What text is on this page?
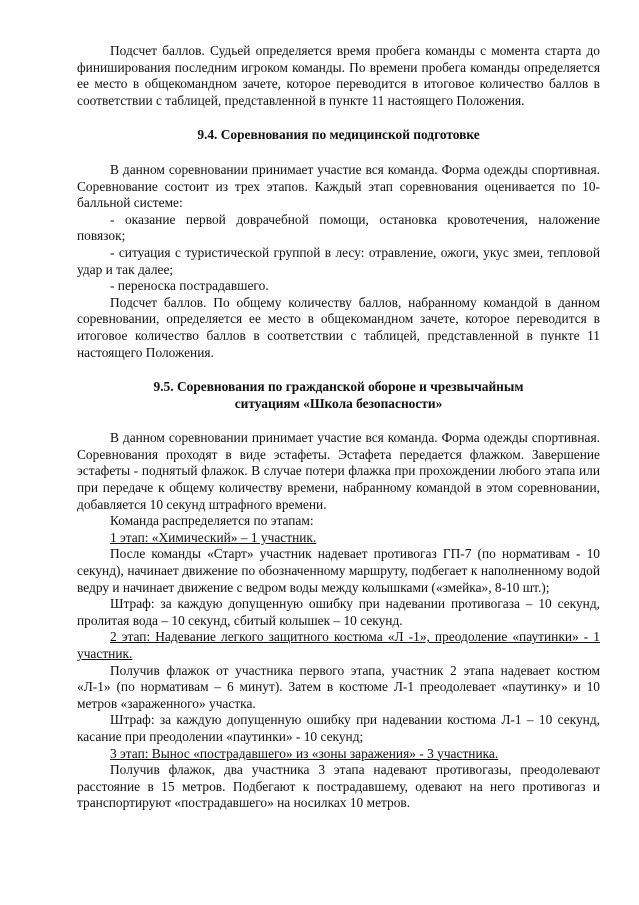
Подсчет баллов. Судьей определяется время пробега команды с момента старта до финиширования последним игроком команды. По времени пробега команды определяется ее место в общекомандном зачете, которое переводится в итоговое количество баллов в соответствии с таблицей, представленной в пункте 11 настоящего Положения.

9.4. Соревнования по медицинской подготовке

В данном соревновании принимает участие вся команда. Форма одежды спортивная. Соревнование состоит из трех этапов. Каждый этап соревнования оценивается по 10-балльной системе:

- оказание первой доврачебной помощи, остановка кровотечения, наложение повязок;

- ситуация с туристической группой в лесу: отравление, ожоги, укус змеи, тепловой удар и так далее;

- переноска пострадавшего.

Подсчет баллов. По общему количеству баллов, набранному командой в данном соревновании, определяется ее место в общекомандном зачете, которое переводится в итоговое количество баллов в соответствии с таблицей, представленной в пункте 11 настоящего Положения.

9.5. Соревнования по гражданской обороне и чрезвычайным
ситуациям «Школа безопасности»

В данном соревновании принимает участие вся команда. Форма одежды спортивная. Соревнования проходят в виде эстафеты. Эстафета передается флажком. Завершение эстафеты - поднятый флажок. В случае потери флажка при прохождении любого этапа или при передаче к общему количеству времени, набранному командой в этом соревновании, добавляется 10 секунд штрафного времени.

Команда распределяется по этапам:

1 этап: «Химический» – 1 участник.

После команды «Старт» участник надевает противогаз ГП-7 (по нормативам - 10 секунд), начинает движение по обозначенному маршруту, подбегает к наполненному водой ведру и начинает движение с ведром воды между колышками («змейка», 8-10 шт.);

Штраф: за каждую допущенную ошибку при надевании противогаза – 10 секунд, пролитая вода – 10 секунд, сбитый колышек – 10 секунд.

2 этап: Надевание легкого защитного костюма «Л -1», преодоление «паутинки» - 1 участник.

Получив флажок от участника первого этапа, участник 2 этапа надевает костюм «Л-1» (по нормативам – 6 минут). Затем в костюме Л-1 преодолевает «паутинку» и 10 метров «зараженного» участка.

Штраф: за каждую допущенную ошибку при надевании костюма Л-1 – 10 секунд, касание при преодолении «паутинки» - 10 секунд;

3 этап: Вынос «пострадавшего» из «зоны заражения» - 3 участника.

Получив флажок, два участника 3 этапа надевают противогазы, преодолевают расстояние в 15 метров. Подбегают к пострадавшему, одевают на него противогаз и транспортируют «пострадавшего» на носилках 10 метров.
